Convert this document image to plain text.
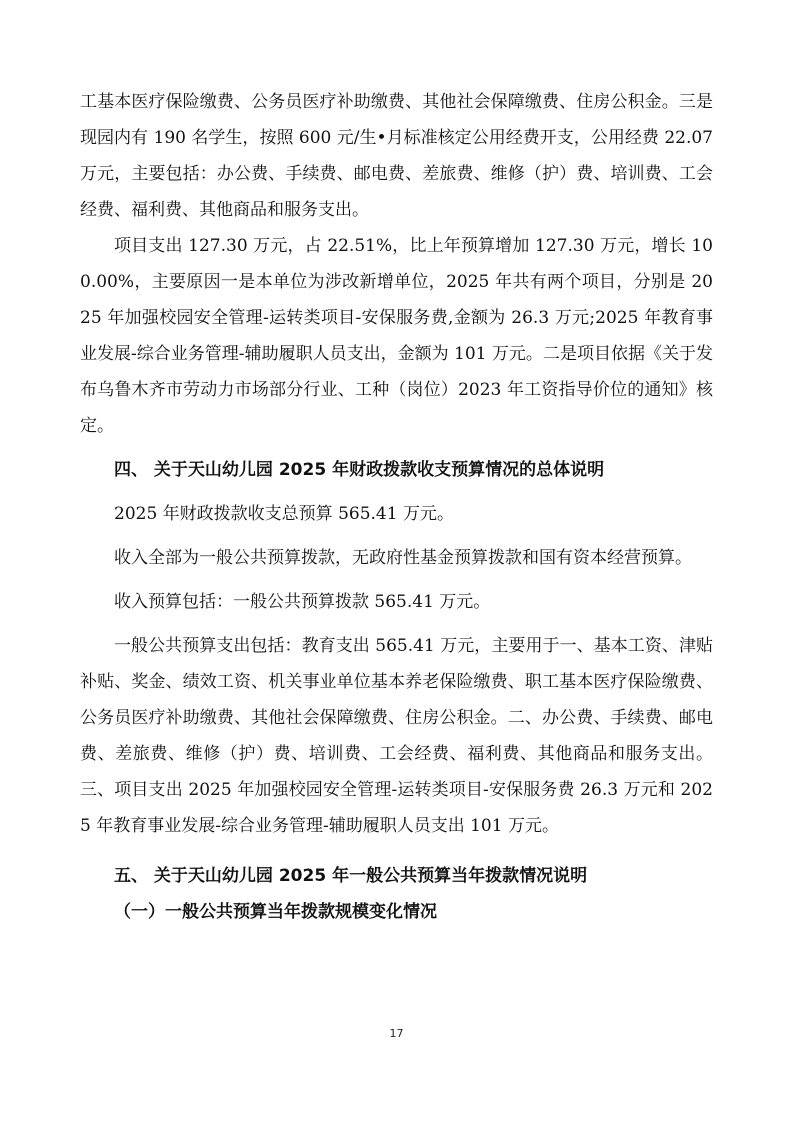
工基本医疗保险缴费、公务员医疗补助缴费、其他社会保障缴费、住房公积金。三是现园内有 190 名学生，按照 600 元/生•月标准核定公用经费开支，公用经费 22.07 万元，主要包括：办公费、手续费、邮电费、差旅费、维修（护）费、培训费、工会经费、福利费、其他商品和服务支出。

项目支出 127.30 万元，占 22.51%，比上年预算增加 127.30 万元，增长 100.00%，主要原因一是本单位为涉改新增单位，2025 年共有两个项目，分别是 2025 年加强校园安全管理-运转类项目-安保服务费,金额为 26.3 万元;2025 年教育事业发展-综合业务管理-辅助履职人员支出，金额为 101 万元。二是项目依据《关于发布乌鲁木齐市劳动力市场部分行业、工种（岗位）2023 年工资指导价位的通知》核定。

四、 关于天山幼儿园 2025 年财政拨款收支预算情况的总体说明

2025 年财政拨款收支总预算 565.41 万元。

收入全部为一般公共预算拨款，无政府性基金预算拨款和国有资本经营预算。

收入预算包括：一般公共预算拨款 565.41 万元。

一般公共预算支出包括：教育支出 565.41 万元，主要用于一、基本工资、津贴补贴、奖金、绩效工资、机关事业单位基本养老保险缴费、职工基本医疗保险缴费、公务员医疗补助缴费、其他社会保障缴费、住房公积金。二、办公费、手续费、邮电费、差旅费、维修（护）费、培训费、工会经费、福利费、其他商品和服务支出。三、项目支出 2025 年加强校园安全管理-运转类项目-安保服务费 26.3 万元和 2025 年教育事业发展-综合业务管理-辅助履职人员支出 101 万元。

五、 关于天山幼儿园 2025 年一般公共预算当年拨款情况说明

（一）一般公共预算当年拨款规模变化情况

17
